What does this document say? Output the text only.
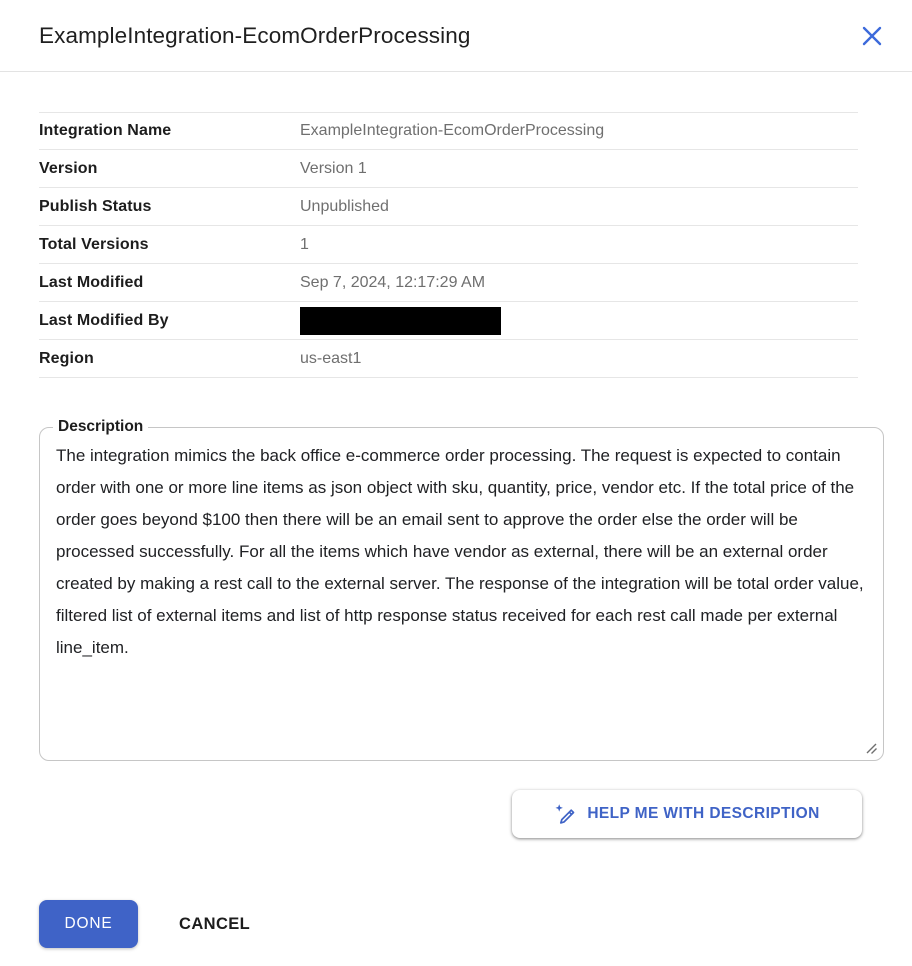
ExampleIntegration-EcomOrderProcessing
Integration Name	ExampleIntegration-EcomOrderProcessing
Version	Version 1
Publish Status	Unpublished
Total Versions	1
Last Modified	Sep 7, 2024, 12:17:29 AM
Last Modified By
Region	us-east1
Description
The integration mimics the back office e-commerce order processing. The request is expected to contain order with one or more line items as json object with sku, quantity, price, vendor etc. If the total price of the order goes beyond $100 then there will be an email sent to approve the order else the order will be processed successfully. For all the items which have vendor as external, there will be an external order created by making a rest call to the external server. The response of the integration will be total order value, filtered list of external items and list of http response status received for each rest call made per external line_item.
HELP ME WITH DESCRIPTION
DONE	CANCEL
